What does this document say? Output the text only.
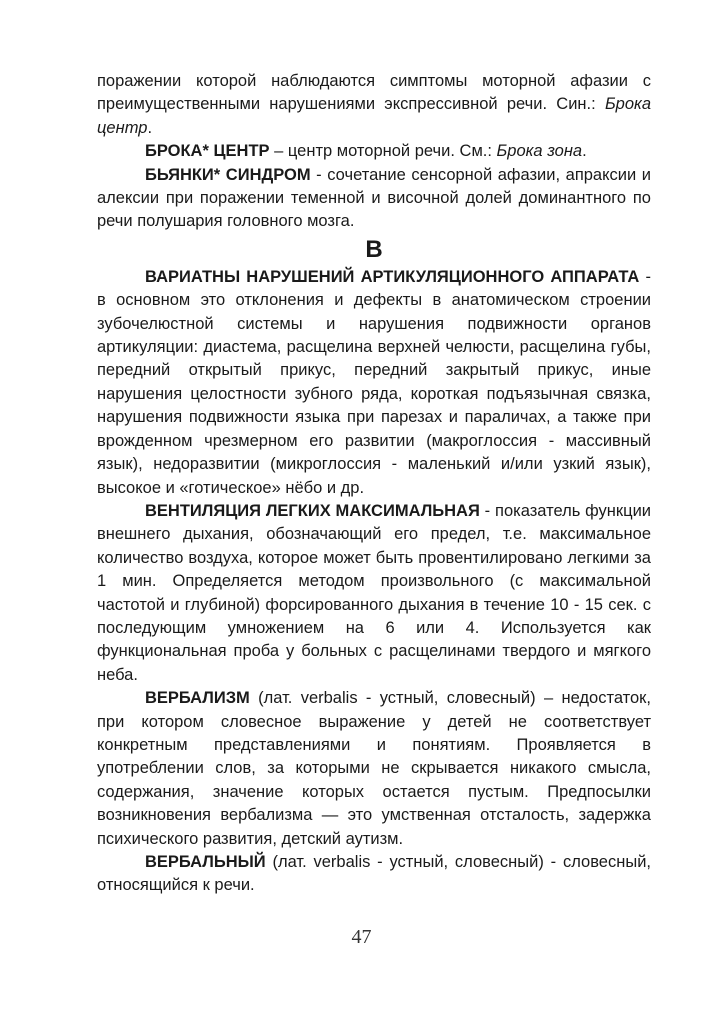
поражении которой наблюдаются симптомы моторной афазии с преимущественными нарушениями экспрессивной речи. Син.: Брока центр.

БРОКА* ЦЕНТР – центр моторной речи. См.: Брока зона.

БЬЯНКИ* СИНДРОМ - сочетание сенсорной афазии, апраксии и алексии при поражении теменной и височной долей доминантного по речи полушария головного мозга.

В

ВАРИАТНЫ НАРУШЕНИЙ АРТИКУЛЯЦИОННОГО АППАРАТА - в основном это отклонения и дефекты в анатомическом строении зубочелюстной системы и нарушения подвижности органов артикуляции: диастема, расщелина верхней челюсти, расщелина губы, передний открытый прикус, передний закрытый прикус, иные нарушения целостности зубного ряда, короткая подъязычная связка, нарушения подвижности языка при парезах и параличах, а также при врожденном чрезмерном его развитии (макроглоссия - массивный язык), недоразвитии (микроглоссия - маленький и/или узкий язык), высокое и «готическое» нёбо и др.

ВЕНТИЛЯЦИЯ ЛЕГКИХ МАКСИМАЛЬНАЯ - показатель функции внешнего дыхания, обозначающий его предел, т.е. максимальное количество воздуха, которое может быть провентилировано легкими за 1 мин. Определяется методом произвольного (с максимальной частотой и глубиной) форсированного дыхания в течение 10 - 15 сек. с последующим умножением на 6 или 4. Используется как функциональная проба у больных с расщелинами твердого и мягкого неба.

ВЕРБАЛИЗМ (лат. verbalis - устный, словесный) – недостаток, при котором словесное выражение у детей не соответствует конкретным представлениями и понятиям. Проявляется в употреблении слов, за которыми не скрывается никакого смысла, содержания, значение которых остается пустым. Предпосылки возникновения вербализма — это умственная отсталость, задержка психического развития, детский аутизм.

ВЕРБАЛЬНЫЙ (лат. verbalis - устный, словесный) - словесный, относящийся к речи.

47
